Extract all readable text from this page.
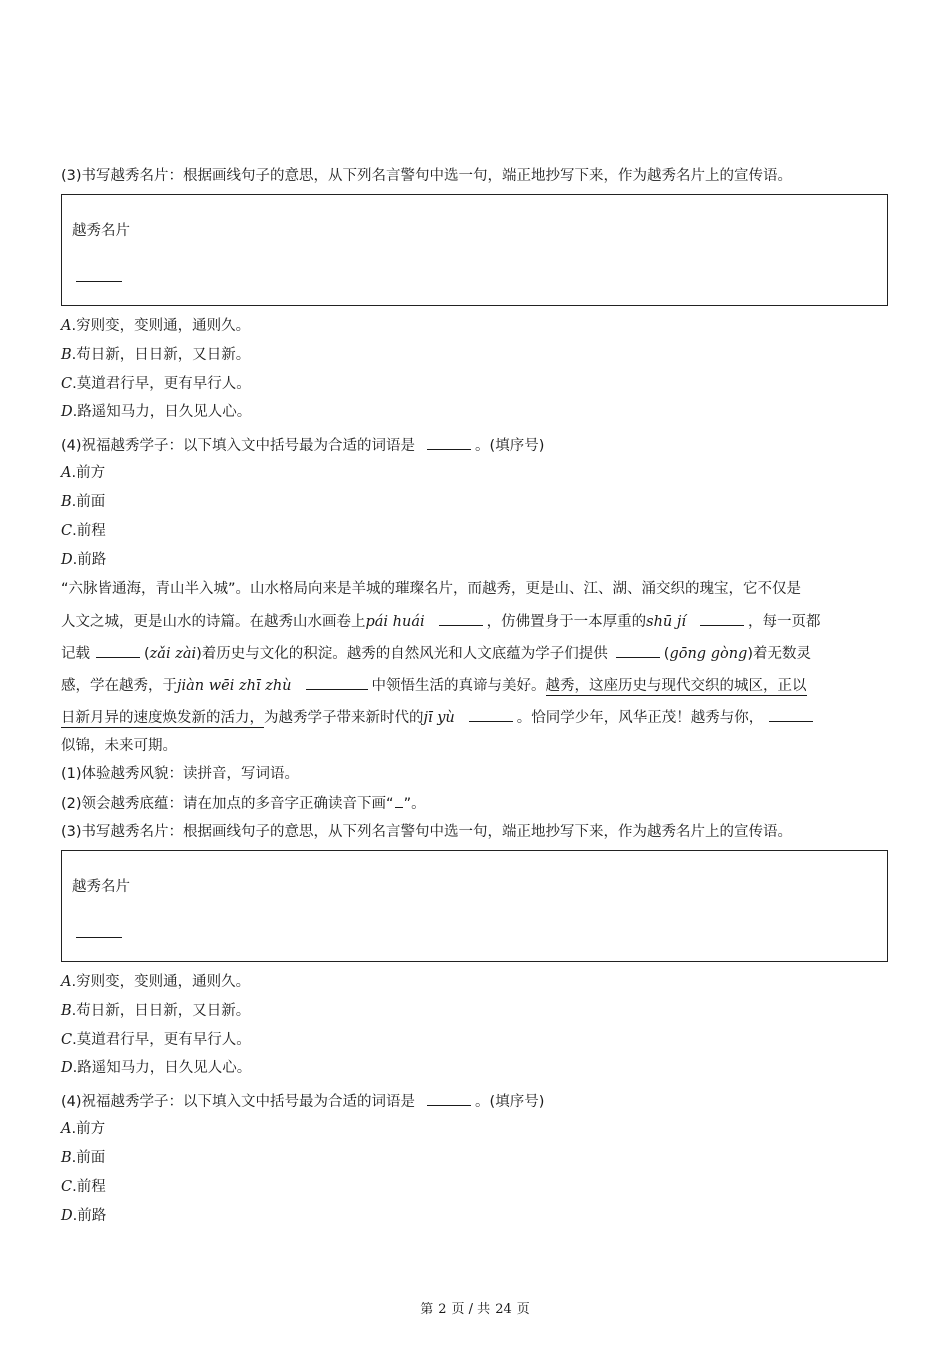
(3)书写越秀名片：根据画线句子的意思，从下列名言警句中选一句，端正地抄写下来，作为越秀名片上的宣传语。
越秀名片
A.穷则变，变则通，通则久。
B.苟日新，日日新，又日新。
C.莫道君行早，更有早行人。
D.路遥知马力，日久见人心。
(4)祝福越秀学子：以下填入文中括号最为合适的词语是	。(填序号)
A.前方
B.前面
C.前程
D.前路
“六脉皆通海，青山半入城”。山水格局向来是羊城的璀璨名片，而越秀，更是山、江、湖、涌交织的瑰宝，它不仅是
人文之城，更是山水的诗篇。在越秀山水画卷上pái huái	，仿佛置身于一本厚重的shū jí	，每一页都
记载	(zǎi zài)着历史与文化的积淀。越秀的自然风光和人文底蕴为学子们提供	(gōng gòng)着无数灵
感，学在越秀，于jiàn wēi zhī zhù	中领悟生活的真谛与美好。越秀，这座历史与现代交织的城区，正以
日新月异的速度焕发新的活力，为越秀学子带来新时代的jī yù	。恰同学少年，风华正茂！越秀与你，
似锦，未来可期。
(1)体验越秀风貌：读拼音，写词语。
(2)领会越秀底蕴：请在加点的多音字正确读音下画“ ”。
(3)书写越秀名片：根据画线句子的意思，从下列名言警句中选一句，端正地抄写下来，作为越秀名片上的宣传语。
越秀名片
A.穷则变，变则通，通则久。
B.苟日新，日日新，又日新。
C.莫道君行早，更有早行人。
D.路遥知马力，日久见人心。
(4)祝福越秀学子：以下填入文中括号最为合适的词语是	。(填序号)
A.前方
B.前面
C.前程
D.前路
第 2 页 / 共 24 页
